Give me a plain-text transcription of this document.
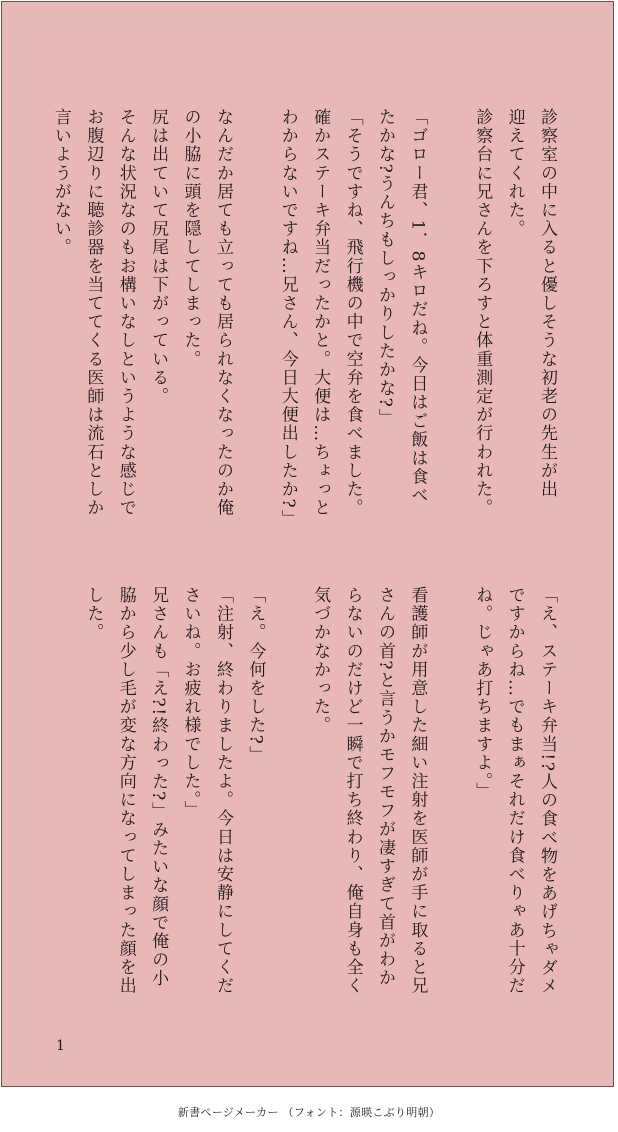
診察室の中に入ると優しそうな初老の先生が出
迎えてくれた。
診察台に兄さんを下ろすと体重測定が行われた。

「ゴロー君、1．8キロだね。今日はご飯は食べ
たかな?うんちもしっかりしたかな?」
「そうですね、飛行機の中で空弁を食べました。
確かステーキ弁当だったかと。大便は…ちょっと
わからないですね…兄さん、今日大便出したか?」

なんだか居ても立っても居られなくなったのか俺
の小脇に頭を隠してしまった。
尻は出ていて尻尾は下がっている。
そんな状況なのもお構いなしというような感じで
お腹辺りに聴診器を当ててくる医師は流石としか
言いようがない。
「え、ステーキ弁当!?人の食べ物をあげちゃダメ
ですからね…でもまぁそれだけ食べりゃあ十分だ
ね。じゃあ打ちますよ。」

看護師が用意した細い注射を医師が手に取ると兄
さんの首?と言うかモフモフが凄すぎて首がわか
らないのだけど一瞬で打ち終わり、俺自身も全く
気づかなかった。

「え。今何をした?」
「注射、終わりましたよ。今日は安静にしてくだ
さいね。お疲れ様でした。」
兄さんも「え?!終わった?」みたいな顔で俺の小
脇から少し毛が変な方向になってしまった顔を出
した。
1
新書ページメーカー （フォント：源暎こぶり明朝）
